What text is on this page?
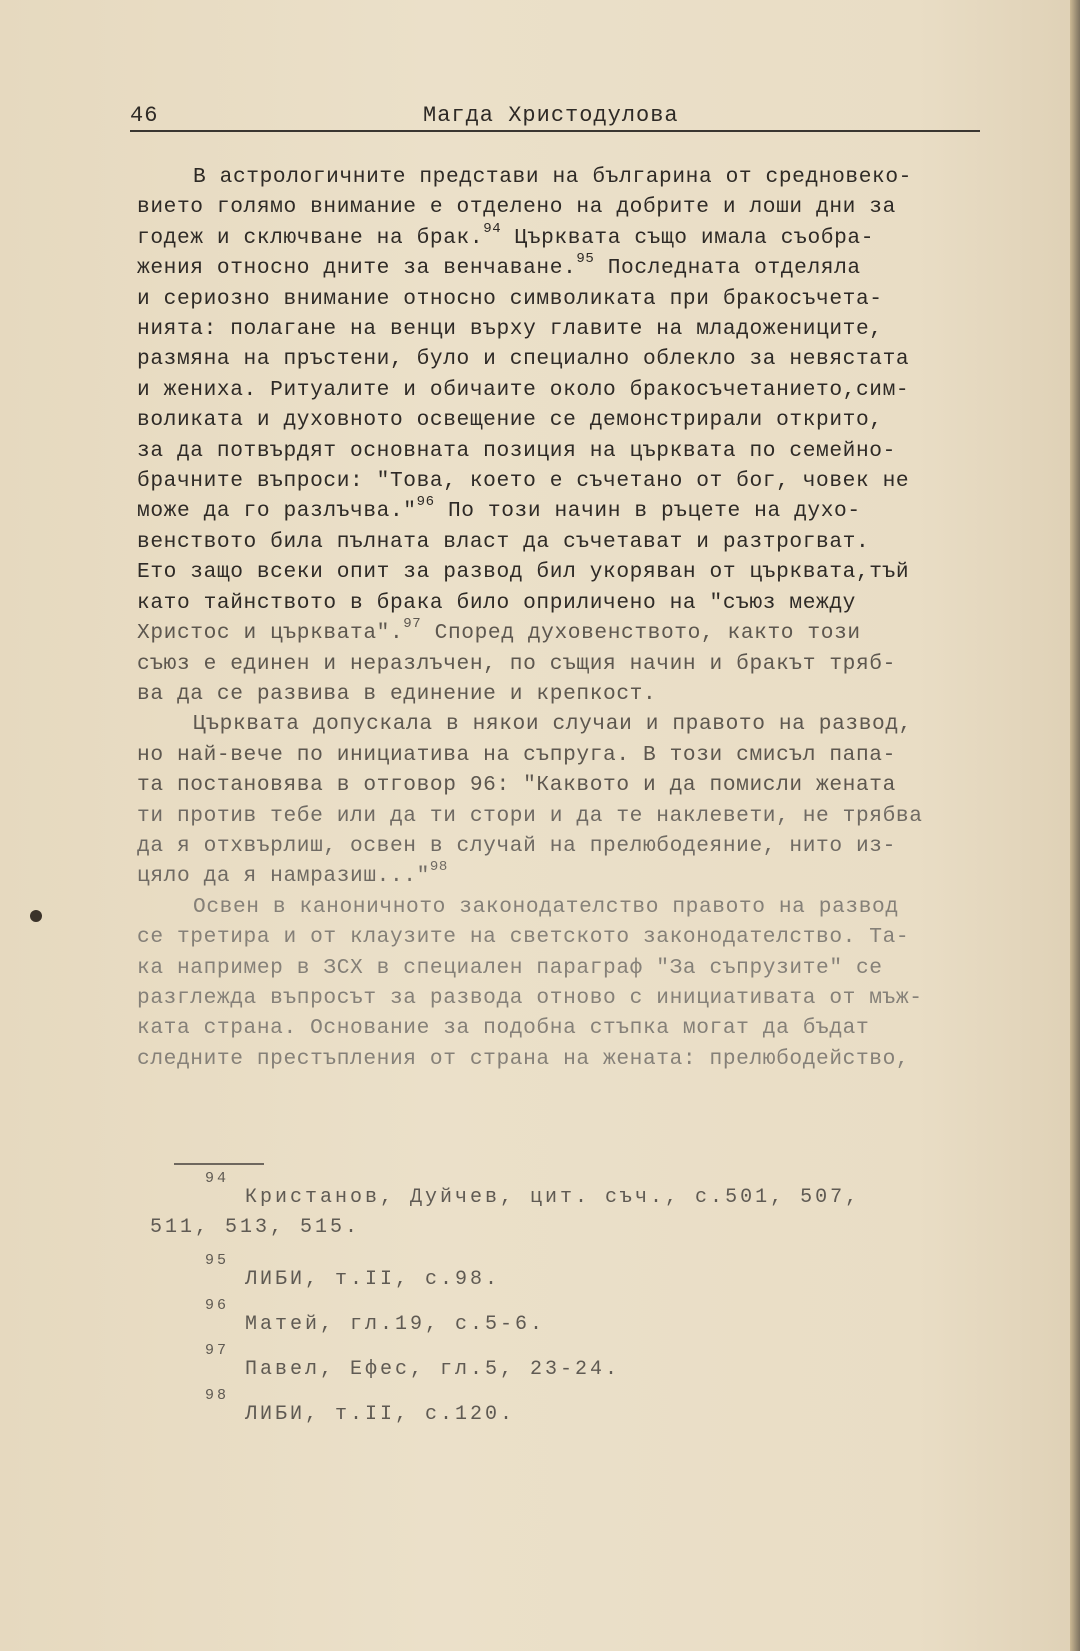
46	Магда Христодулова
В астрологичните представи на българина от средновеко-
вието голямо внимание е отделено на добрите и лоши дни за
годеж и сключване на брак.$^{94}$ Църквата също имала съобра-
жения относно дните за венчаване.$^{95}$ Последната отделяла
и сериозно внимание относно символиката при бракосъчета-
нията: полагане на венци върху главите на младожениците,
размяна на пръстени, було и специално облекло за невястата
и жениха. Ритуалите и обичаите около бракосъчетанието,сим-
воликата и духовното освещение се демонстрирали открито,
за да потвърдят основната позиция на църквата по семейно-
брачните въпроси: "Това, което е съчетано от бог, човек не
може да го разлъчва."$^{96}$ По този начин в ръцете на духо-
венството била пълната власт да съчетават и разтрогват.
Ето защо всеки опит за развод бил укоряван от църквата,тъй
като тайнството в брака било оприличено на "съюз между
Христос и църквата".$^{97}$ Според духовенството, както този
съюз е единен и неразлъчен, по същия начин и бракът тряб-
ва да се развива в единение и крепкост.
Църквата допускала в някои случаи и правото на развод,
но най-вече по инициатива на съпруга. В този смисъл папа-
та постановява в отговор 96: "Каквото и да помисли жената
ти против тебе или да ти стори и да те наклевети, не трябва
да я отхвърлиш, освен в случай на прелюбодеяние, нито из-
цяло да я намразиш..."$^{98}$
Освен в каноничното законодателство правото на развод
се третира и от клаузите на светското законодателство. Та-
ка например в ЗСХ в специален параграф "За съпрузите" се
разглежда въпросът за развода отново с инициативата от мъж-
ката страна. Основание за подобна стъпка могат да бъдат
следните престъпления от страна на жената: прелюбодейство,
94
Кристанов, Дуйчев, цит. съч., с.501, 507,
511, 513, 515.
95
ЛИБИ, т.II, с.98.
96
Матей, гл.19, с.5-6.
97
Павел, Ефес, гл.5, 23-24.
98
ЛИБИ, т.II, с.120.
